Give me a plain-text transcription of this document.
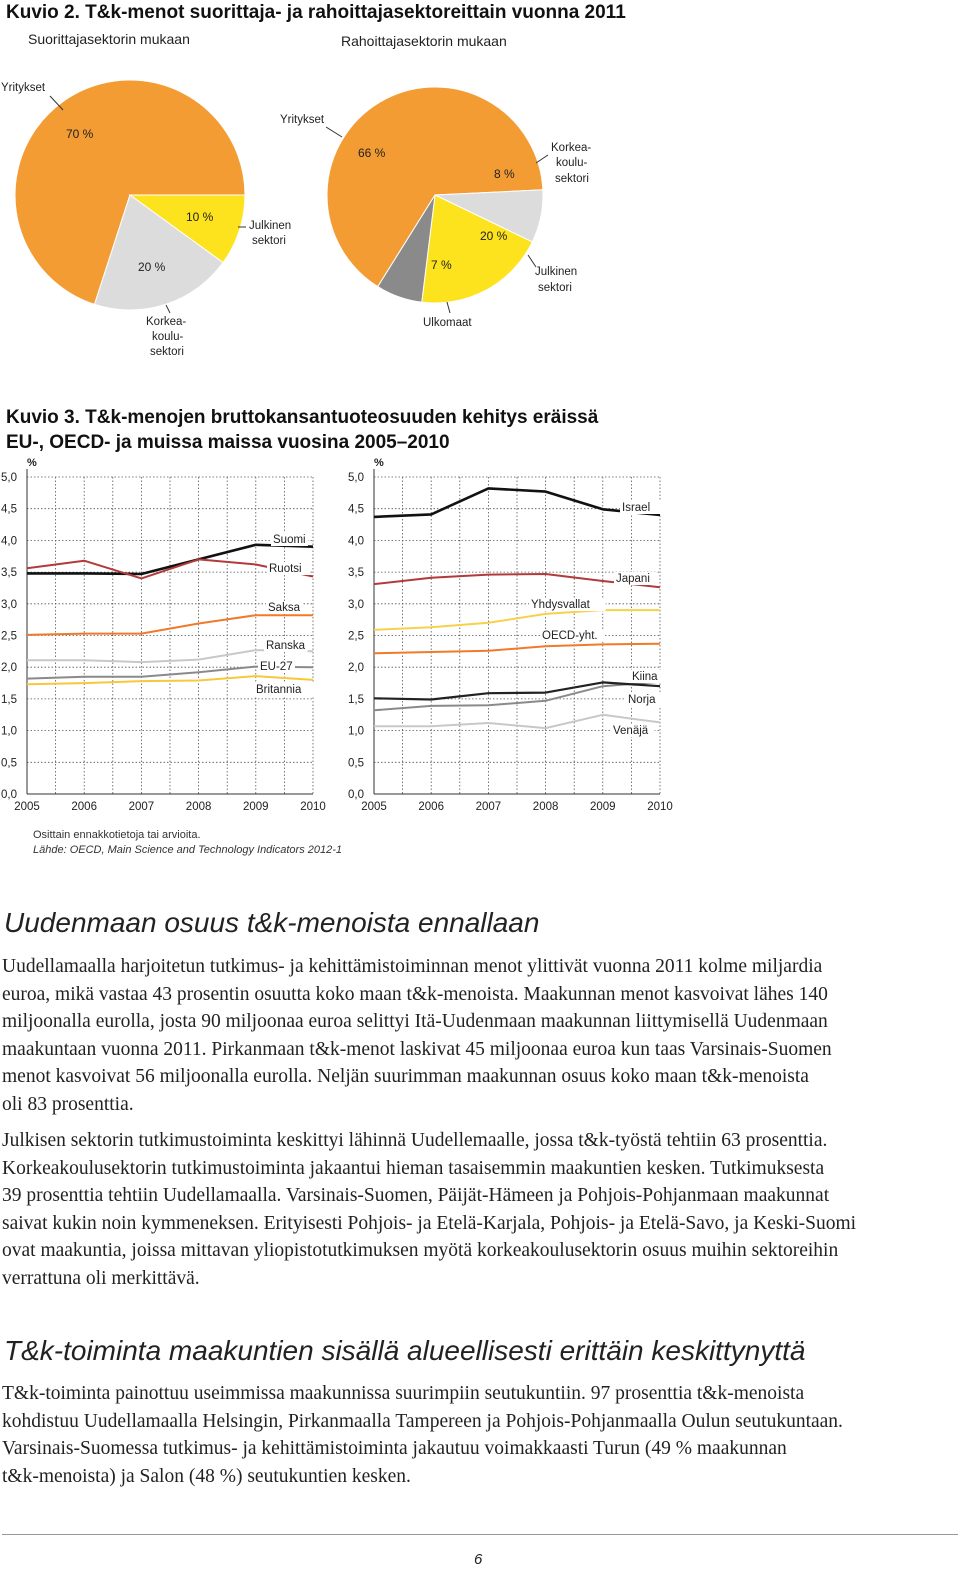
Kuvio 2. T&k-menot suorittaja- ja rahoittajasektoreittain vuonna 2011
Suorittajasektorin mukaan	Rahoittajasektorin mukaan
Yritykset
70 %
10 %
20 %
Julkinen
sektori
Korkea-
koulu-
sektori
Yritykset
66 %
8 %
20 %
7 %
Korkea-
koulu-
sektori
Julkinen
sektori
Ulkomaat
Kuvio 3. T&k-menojen bruttokansantuoteosuuden kehitys eräissä
EU-, OECD- ja muissa maissa vuosina 2005–2010
0,0
0,5
1,0
1,5
2,0
2,5
3,0
3,5
4,0
4,5
5,0
%
2005	2006	2007	2008	2009	2010
Suomi
Ruotsi
Saksa
Ranska
EU-27
Britannia
0,0
0,5
1,0
1,5
2,0
2,5
3,0
3,5
4,0
4,5
5,0
%
2005	2006	2007	2008	2009	2010
Israel
Japani
Yhdysvallat
OECD-yht.
Kiina
Norja
Venäjä
Osittain ennakkotietoja tai arvioita.
Lähde: OECD, Main Science and Technology Indicators 2012-1
Uudenmaan osuus t&k-menoista ennallaan

Uudellamaalla harjoitetun tutkimus- ja kehittämistoiminnan menot ylittivät vuonna 2011 kolme miljardia

euroa, mikä vastaa 43 prosentin osuutta koko maan t&k-menoista. Maakunnan menot kasvoivat lähes 140

miljoonalla eurolla, josta 90 miljoonaa euroa selittyi Itä-Uudenmaan maakunnan liittymisellä Uudenmaan

maakuntaan vuonna 2011. Pirkanmaan t&k-menot laskivat 45 miljoonaa euroa kun taas Varsinais-Suomen

menot kasvoivat 56 miljoonalla eurolla. Neljän suurimman maakunnan osuus koko maan t&k-menoista

oli 83 prosenttia.

Julkisen sektorin tutkimustoiminta keskittyi lähinnä Uudellemaalle, jossa t&k-työstä tehtiin 63 prosenttia.

Korkeakoulusektorin tutkimustoiminta jakaantui hieman tasaisemmin maakuntien kesken. Tutkimuksesta

39 prosenttia tehtiin Uudellamaalla. Varsinais-Suomen, Päijät-Hämeen ja Pohjois-Pohjanmaan maakunnat

saivat kukin noin kymmeneksen. Erityisesti Pohjois- ja Etelä-Karjala, Pohjois- ja Etelä-Savo, ja Keski-Suomi

ovat maakuntia, joissa mittavan yliopistotutkimuksen myötä korkeakoulusektorin osuus muihin sektoreihin

verrattuna oli merkittävä.

T&k-toiminta maakuntien sisällä alueellisesti erittäin keskittynyttä

T&k-toiminta painottuu useimmissa maakunnissa suurimpiin seutukuntiin. 97 prosenttia t&k-menoista

kohdistuu Uudellamaalla Helsingin, Pirkanmaalla Tampereen ja Pohjois-Pohjanmaalla Oulun seutukuntaan.

Varsinais-Suomessa tutkimus- ja kehittämistoiminta jakautuu voimakkaasti Turun (49 % maakunnan

t&k-menoista) ja Salon (48 %) seutukuntien kesken.

6
